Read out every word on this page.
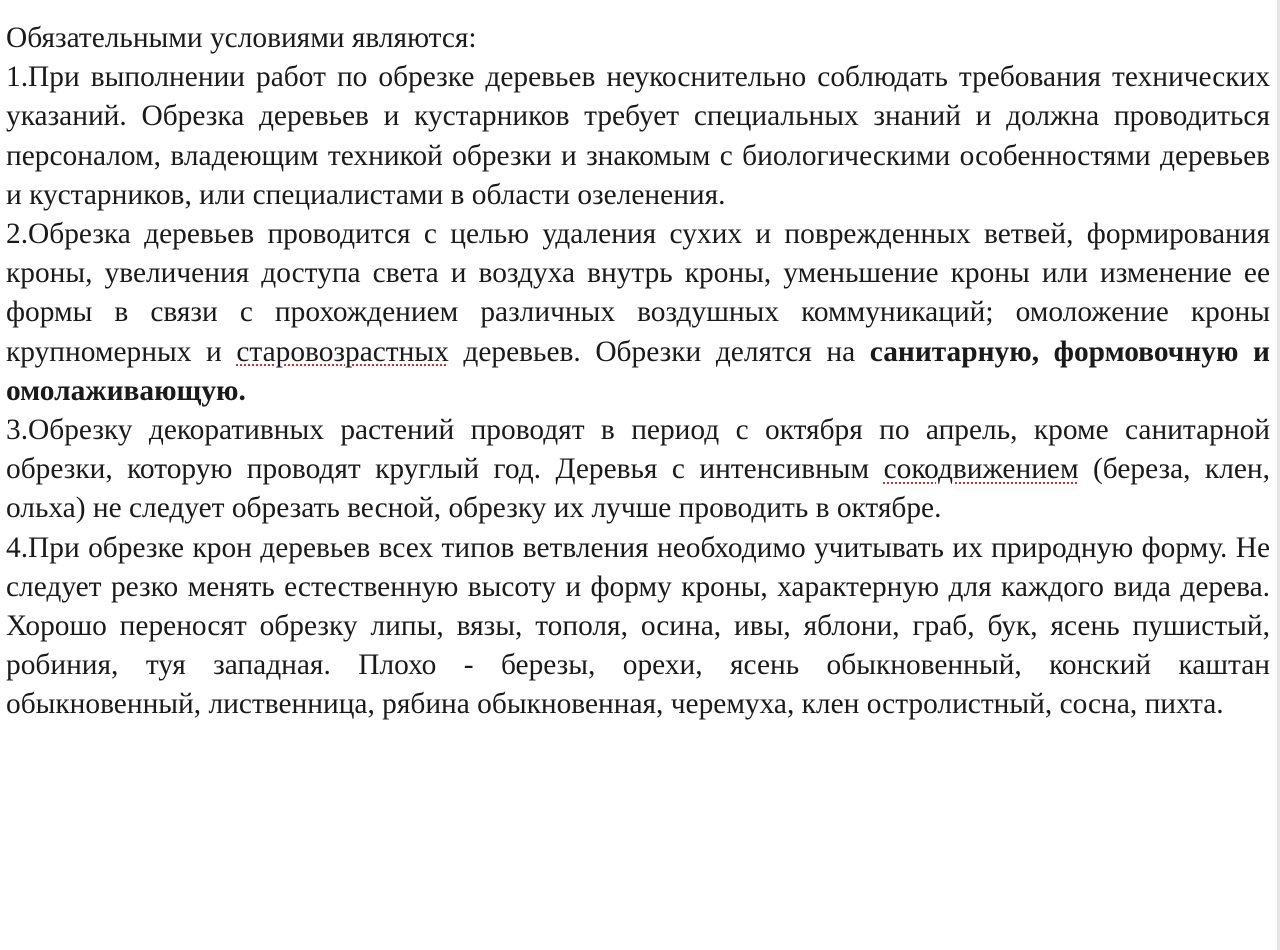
Обязательными условиями являются:

1.При выполнении работ по обрезке деревьев неукоснительно соблюдать требования технических указаний. Обрезка деревьев и кустарников требует специальных знаний и должна проводиться персоналом, владеющим техникой обрезки и знакомым с биологическими особенностями деревьев и кустарников, или специалистами в области озеленения.

2.Обрезка деревьев проводится с целью удаления сухих и поврежденных ветвей, формирования кроны, увеличения доступа света и воздуха внутрь кроны, уменьшение кроны или изменение ее формы в связи с прохождением различных воздушных коммуникаций; омоложение кроны крупномерных и старовозрастных деревьев. Обрезки делятся на санитарную, формовочную и омолаживающую.

3.Обрезку декоративных растений проводят в период с октября по апрель, кроме санитарной обрезки, которую проводят круглый год. Деревья с интенсивным сокодвижением (береза, клен, ольха) не следует обрезать весной, обрезку их лучше проводить в октябре.

4.При обрезке крон деревьев всех типов ветвления необходимо учитывать их природную форму. Не следует резко менять естественную высоту и форму кроны, характерную для каждого вида дерева. Хорошо переносят обрезку липы, вязы, тополя, осина, ивы, яблони, граб, бук, ясень пушистый, робиния, туя западная. Плохо - березы, орехи, ясень обыкновенный, конский каштан обыкновенный, лиственница, рябина обыкновенная, черемуха, клен остролистный, сосна, пихта.
